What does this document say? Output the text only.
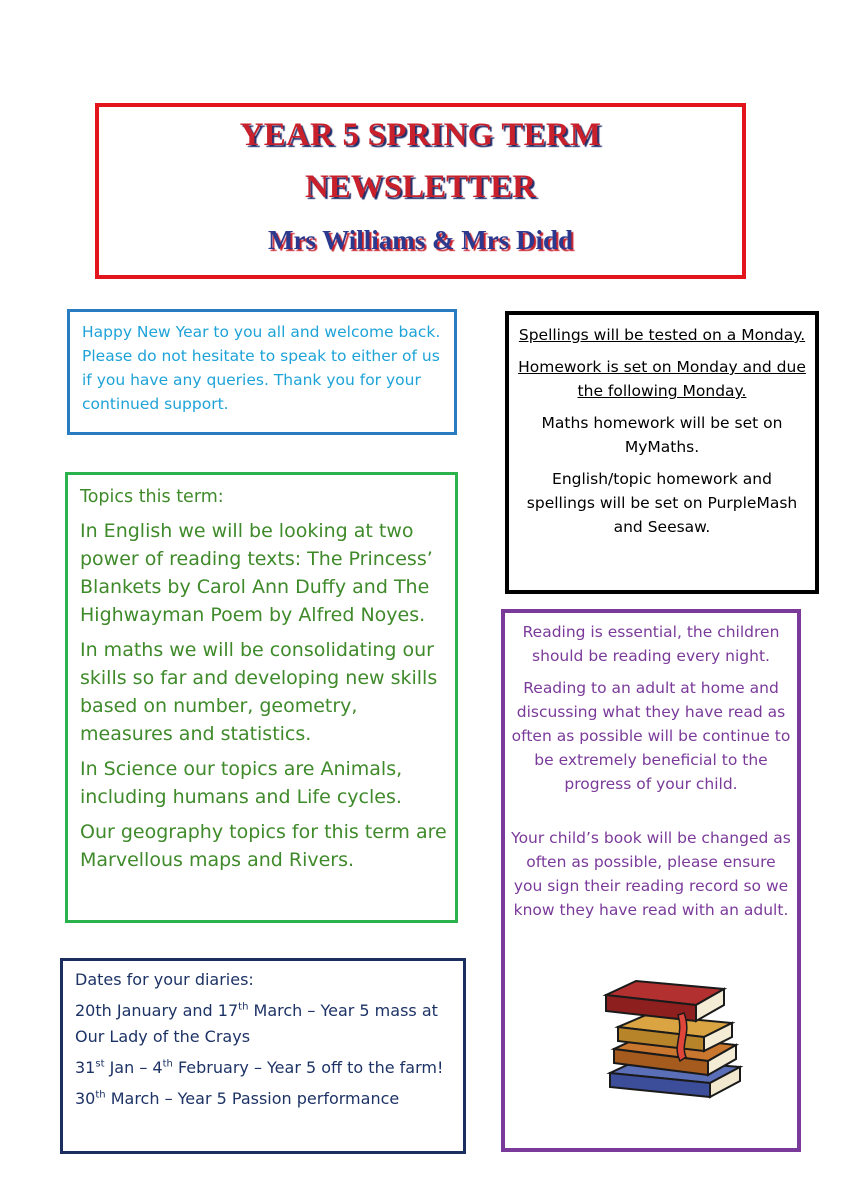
YEAR 5 SPRING TERM
NEWSLETTER
Mrs Williams & Mrs Didd
Happy New Year to you all and welcome back. Please do not hesitate to speak to either of us if you have any queries. Thank you for your continued support.

Topics this term:

In English we will be looking at two power of reading texts: The Princess’ Blankets by Carol Ann Duffy and The Highwayman Poem by Alfred Noyes.

In maths we will be consolidating our skills so far and developing new skills based on number, geometry, measures and statistics.

In Science our topics are Animals, including humans and Life cycles.

Our geography topics for this term are Marvellous maps and Rivers.

Dates for your diaries:

20th January and 17th March – Year 5 mass at Our Lady of the Crays

31st Jan – 4th February – Year 5 off to the farm!

30th March – Year 5 Passion performance

Spellings will be tested on a Monday.

Homework is set on Monday and due the following Monday.

Maths homework will be set on MyMaths.

English/topic homework and spellings will be set on PurpleMash and Seesaw.

Reading is essential, the children should be reading every night.

Reading to an adult at home and discussing what they have read as often as possible will be continue to be extremely beneficial to the progress of your child.

Your child’s book will be changed as often as possible, please ensure you sign their reading record so we know they have read with an adult.
